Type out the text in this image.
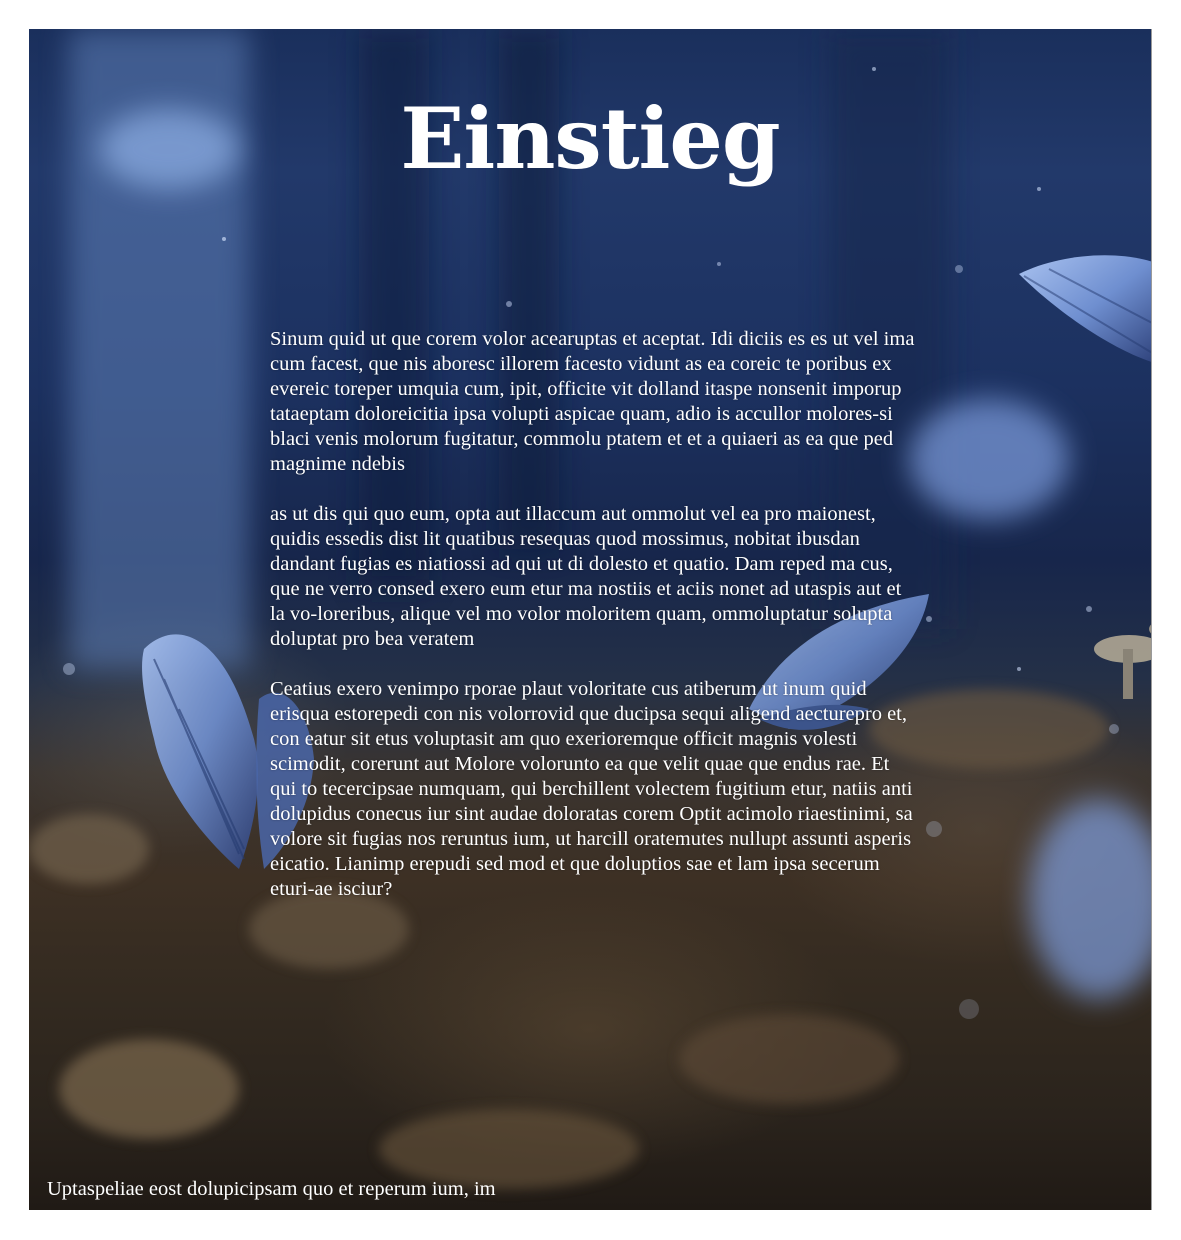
Einstieg

Sinum quid ut que corem volor acearuptas et aceptat. Idi diciis es es ut vel ima cum facest, que nis aboresc illorem facesto vidunt as ea coreic te poribus ex evereic toreper umquia cum, ipit, officite vit dolland itaspe nonsenit imporup tataeptam doloreicitia ipsa volupti aspicae quam, adio is accullor molores-si blaci venis molorum fugitatur, commolu ptatem et et a quiaeri as ea que ped magnime ndebis

as ut dis qui quo eum, opta aut illaccum aut ommolut vel ea pro maionest, quidis essedis dist lit quatibus resequas quod mossimus, nobitat ibusdan dandant fugias es niatiossi ad qui ut di dolesto et quatio. Dam reped ma cus, que ne verro consed exero eum etur ma nostiis et aciis nonet ad utaspis aut et la vo-loreribus, alique vel mo volor moloritem quam, ommoluptatur solupta doluptat pro bea veratem

Ceatius exero venimpo rporae plaut voloritate cus atiberum ut inum quid erisqua estorepedi con nis volorrovid que ducipsa sequi aligend aecturepro et, con eatur sit etus voluptasit am quo exerioremque officit magnis volesti scimodit, corerunt aut Molore volorunto ea que velit quae que endus rae. Et qui to tecercipsae numquam, qui berchillent volectem fugitium etur, natiis anti dolupidus conecus iur sint audae doloratas corem Optit acimolo riaestinimi, sa volore sit fugias nos reruntus ium, ut harcill oratemutes nullupt assunti asperis eicatio. Lianimp erepudi sed mod et que doluptios sae et lam ipsa secerum eturi-ae isciur?

Uptaspeliae eost dolupicipsam quo et reperum ium, im
